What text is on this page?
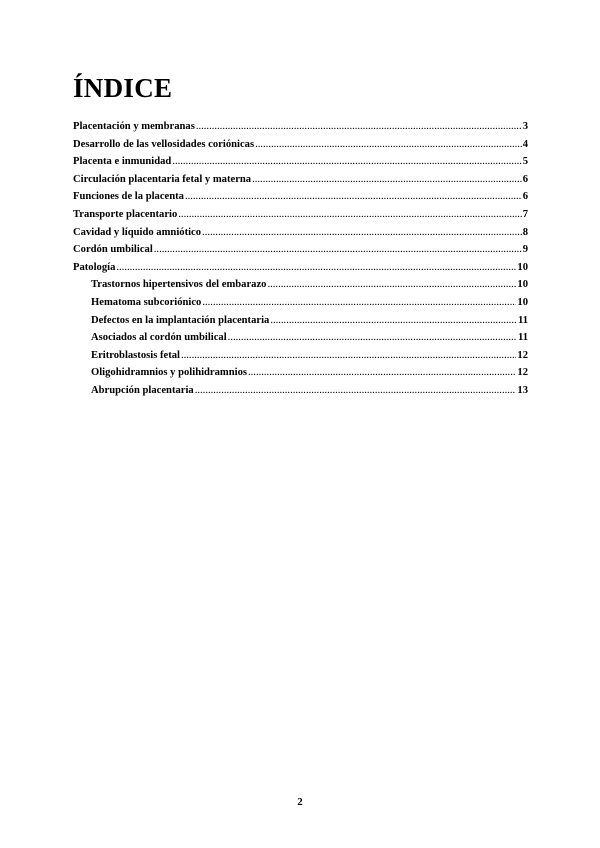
ÍNDICE
Placentación y membranas .....	3
Desarrollo de las vellosidades coriónicas .....	4
Placenta e inmunidad .....	5
Circulación placentaria fetal y materna .....	6
Funciones de la placenta .....	6
Transporte placentario .....	7
Cavidad y líquido amniótico .....	8
Cordón umbilical .....	9
Patología .....	10
Trastornos hipertensivos del embarazo .....	10
Hematoma subcoriónico .....	10
Defectos en la implantación placentaria .....	11
Asociados al cordón umbilical .....	11
Eritroblastosis fetal .....	12
Oligohidramnios y polihidramnios .....	12
Abrupción placentaria .....	13
2
